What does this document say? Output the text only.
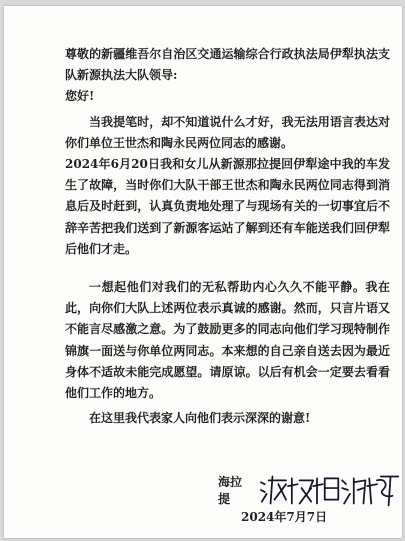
尊敬的新疆维吾尔自治区交通运输综合行政执法局伊犁执法支队新源执法大队领导:

您好!

当我提笔时，却不知道说什么才好，我无法用语言表达对你们单位王世杰和陶永民两位同志的感谢。

2024年6月20日我和女儿从新源那拉提回伊犁途中我的车发生了故障，当时你们大队干部王世杰和陶永民两位同志得到消息后及时赶到，认真负责地处理了与现场有关的一切事宜后不辞辛苦把我们送到了新源客运站了解到还有车能送我们回伊犁后他们才走。

一想起他们对我们的无私帮助内心久久不能平静。我在此，向你们大队上述两位表示真诚的感谢。然而，只言片语又不能言尽感激之意。为了鼓励更多的同志向他们学习现特制作锦旗一面送与你单位两同志。本来想的自己亲自送去因为最近身体不适故未能完成愿望。请原谅。以后有机会一定要去看看他们工作的地方。

在这里我代表家人向他们表示深深的谢意!

海拉提
2024年7月7日
